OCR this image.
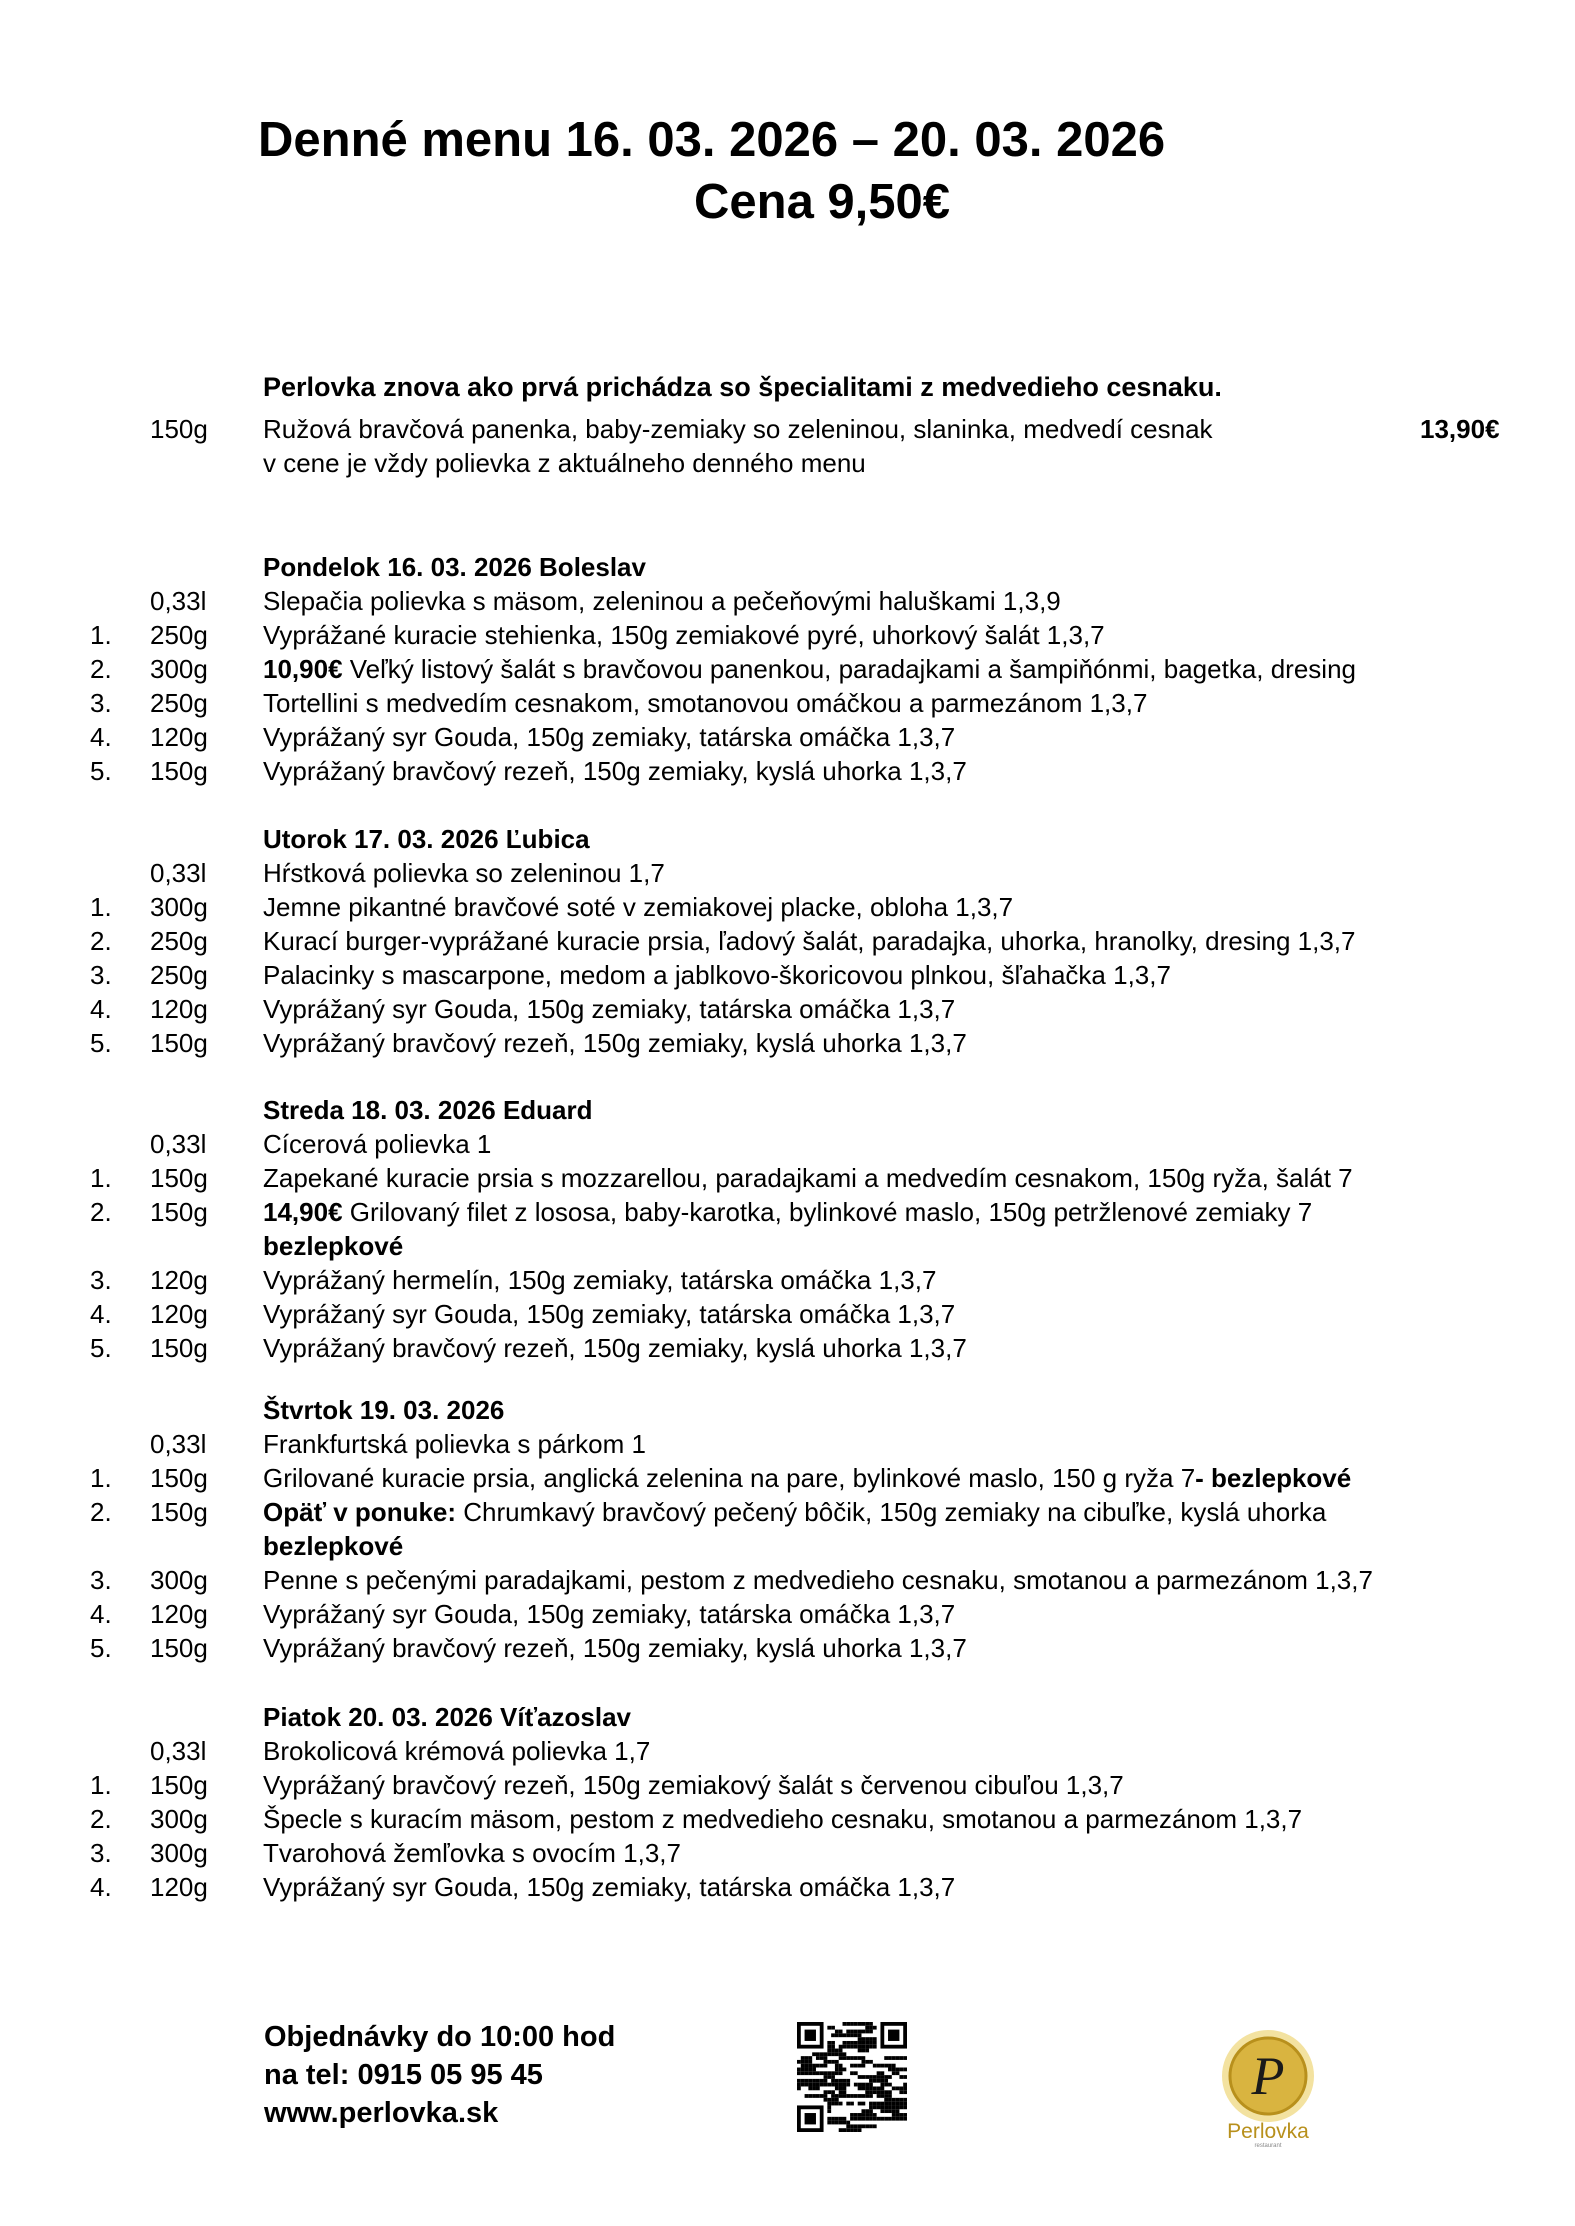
Denné menu 16. 03. 2026 – 20. 03. 2026
Cena 9,50€
Perlovka znova ako prvá prichádza so špecialitami z medvedieho cesnaku.
150g Ružová bravčová panenka, baby-zemiaky so zeleninou, slaninka, medvedí cesnak	13,90€
v cene je vždy polievka z aktuálneho denného menu
Pondelok 16. 03. 2026 Boleslav
0,33l Slepačia polievka s mäsom, zeleninou a pečeňovými haluškami 1,3,9
1. 250g Vyprážané kuracie stehienka, 150g zemiakové pyré, uhorkový šalát 1,3,7
2. 300g 10,90€ Veľký listový šalát s bravčovou panenkou, paradajkami a šampiňónmi, bagetka, dresing
3. 250g Tortellini s medvedím cesnakom, smotanovou omáčkou a parmezánom 1,3,7
4. 120g Vyprážaný syr Gouda, 150g zemiaky, tatárska omáčka 1,3,7
5. 150g Vyprážaný bravčový rezeň, 150g zemiaky, kyslá uhorka 1,3,7
Utorok 17. 03. 2026 Ľubica
0,33l Hŕstková polievka so zeleninou 1,7
1. 300g Jemne pikantné bravčové soté v zemiakovej placke, obloha 1,3,7
2. 250g Kurací burger-vyprážané kuracie prsia, ľadový šalát, paradajka, uhorka, hranolky, dresing 1,3,7
3. 250g Palacinky s mascarpone, medom a jablkovo-škoricovou plnkou, šľahačka 1,3,7
4. 120g Vyprážaný syr Gouda, 150g zemiaky, tatárska omáčka 1,3,7
5. 150g Vyprážaný bravčový rezeň, 150g zemiaky, kyslá uhorka 1,3,7
Streda 18. 03. 2026 Eduard
0,33l Cícerová polievka 1
1. 150g Zapekané kuracie prsia s mozzarellou, paradajkami a medvedím cesnakom, 150g ryža, šalát 7
2. 150g 14,90€ Grilovaný filet z lososa, baby-karotka, bylinkové maslo, 150g petržlenové zemiaky 7
bezlepkové
3. 120g Vyprážaný hermelín, 150g zemiaky, tatárska omáčka 1,3,7
4. 120g Vyprážaný syr Gouda, 150g zemiaky, tatárska omáčka 1,3,7
5. 150g Vyprážaný bravčový rezeň, 150g zemiaky, kyslá uhorka 1,3,7
Štvrtok 19. 03. 2026
0,33l Frankfurtská polievka s párkom 1
1. 150g Grilované kuracie prsia, anglická zelenina na pare, bylinkové maslo, 150 g ryža 7- bezlepkové
2. 150g Opäť v ponuke: Chrumkavý bravčový pečený bôčik, 150g zemiaky na cibuľke, kyslá uhorka
bezlepkové
3. 300g Penne s pečenými paradajkami, pestom z medvedieho cesnaku, smotanou a parmezánom 1,3,7
4. 120g Vyprážaný syr Gouda, 150g zemiaky, tatárska omáčka 1,3,7
5. 150g Vyprážaný bravčový rezeň, 150g zemiaky, kyslá uhorka 1,3,7
Piatok 20. 03. 2026 Víťazoslav
0,33l Brokolicová krémová polievka 1,7
1. 150g Vyprážaný bravčový rezeň, 150g zemiakový šalát s červenou cibuľou 1,3,7
2. 300g Špecle s kuracím mäsom, pestom z medvedieho cesnaku, smotanou a parmezánom 1,3,7
3. 300g Tvarohová žemľovka s ovocím 1,3,7
4. 120g Vyprážaný syr Gouda, 150g zemiaky, tatárska omáčka 1,3,7
Objednávky do 10:00 hod
na tel: 0915 05 95 45
www.perlovka.sk
P
Perlovka
restaurant
